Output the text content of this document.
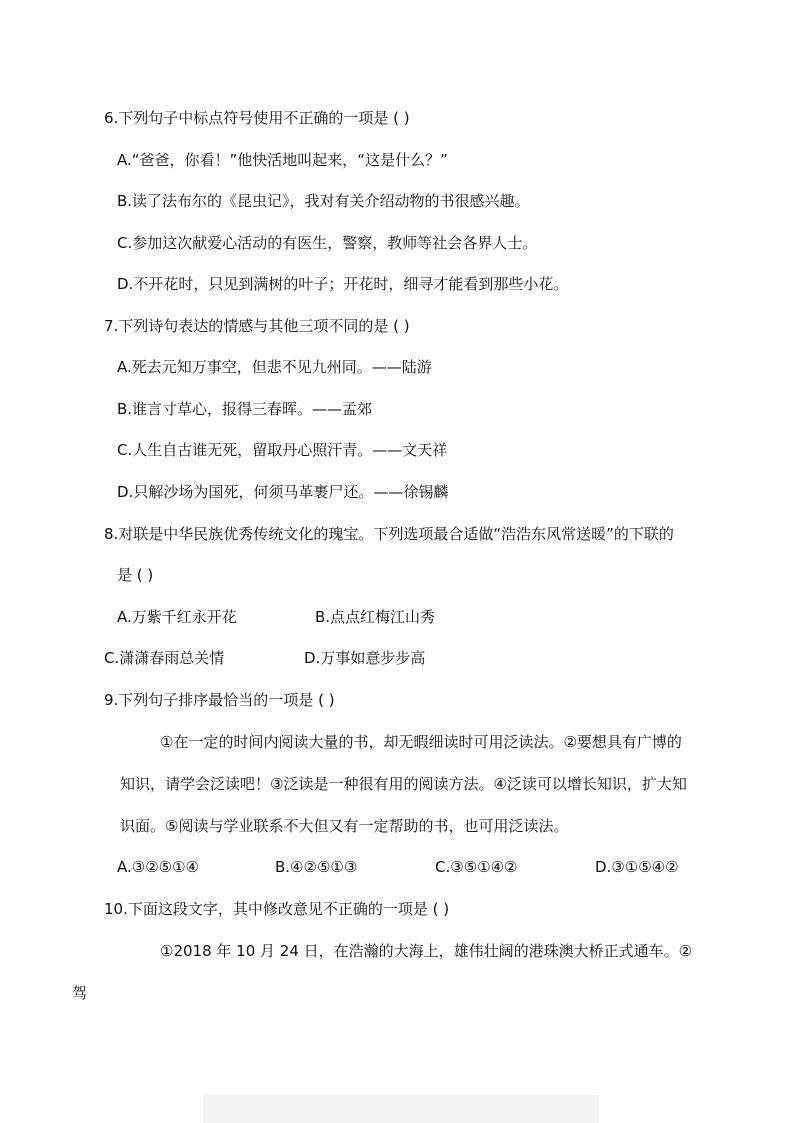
6.下列句子中标点符号使用不正确的一项是 ( )
A.“爸爸，你看！”他快活地叫起来，“这是什么？”
B.读了法布尔的《昆虫记》，我对有关介绍动物的书很感兴趣。
C.参加这次献爱心活动的有医生，警察，教师等社会各界人士。
D.不开花时，只见到满树的叶子；开花时，细寻才能看到那些小花。
7.下列诗句表达的情感与其他三项不同的是 ( )
A.死去元知万事空，但悲不见九州同。——陆游
B.谁言寸草心，报得三春晖。——孟郊
C.人生自古谁无死，留取丹心照汗青。——文天祥
D.只解沙场为国死，何须马革裹尸还。——徐锡麟
8.对联是中华民族优秀传统文化的瑰宝。下列选项最合适做“浩浩东风常送暖”的下联的
是 ( )
A.万紫千红永开花	B.点点红梅江山秀
C.潇潇春雨总关情	D.万事如意步步高
9.下列句子排序最恰当的一项是 ( )
①在一定的时间内阅读大量的书，却无暇细读时可用泛读法。②要想具有广博的
知识，请学会泛读吧！③泛读是一种很有用的阅读方法。④泛读可以增长知识，扩大知
识面。⑤阅读与学业联系不大但又有一定帮助的书，也可用泛读法。
A.③②⑤①④	B.④②⑤①③	C.③⑤①④②	D.③①⑤④②
10.下面这段文字，其中修改意见不正确的一项是 ( )
①2018 年 10 月 24 日，在浩瀚的大海上，雄伟壮阔的港珠澳大桥正式通车。②
驾
